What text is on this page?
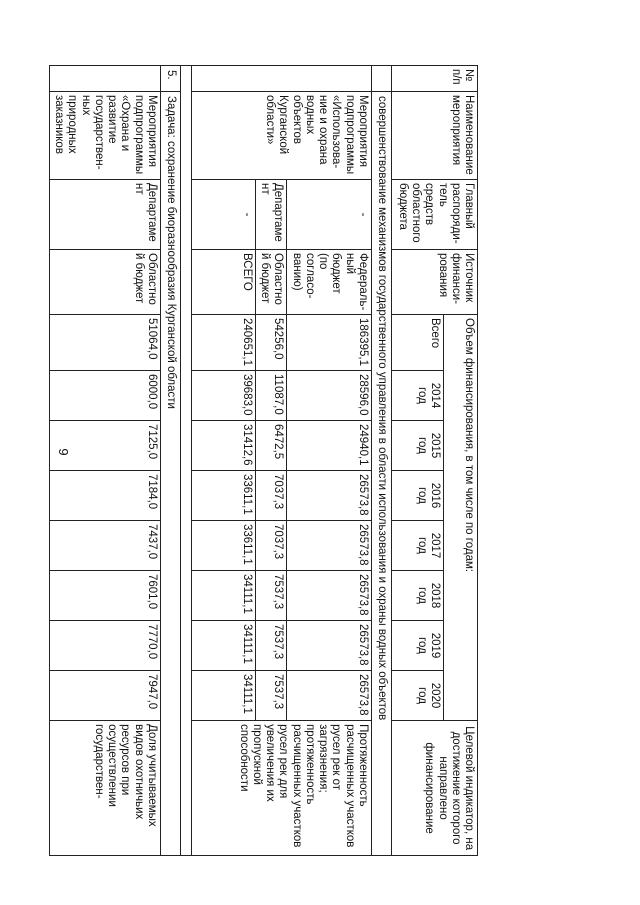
9
№ п/п	Наименование мероприятия	Главный распоряди-тель средств областного бюджета	Источник финанси-рования	Объем финансирования, в том числе по годам:								Целевой индикатор, на достижение которого направлено финансирование
				Всего	2014 год	2015 год	2016 год	2017 год	2018 год	2019 год	2020 год	
	совершенствование механизмов государственного управления в области использования и охраны водных объектов											
	Мероприятия подпрограммы «Использова-ние и охрана водных объектов Курганской области»	-	Федераль-ный бюджет (по согласо-ванию)	186395,1	28596,0	24940,1	26573,8	26573,8	26573,8	26573,8	26573,8	Протяженность расчищенных участков русел рек от загрязнения; протяженность расчищенных участков русел рек для увеличения их пропускной способности
		Департамент	Областной бюджет	54256,0	11087,0	6472,5	7037,3	7037,3	7537,3	7537,3	7537,3	
		-	ВСЕГО	240651,1	39683,0	31412,6	33611,1	33611,1	34111,1	34111,1	34111,1	

5.	Задача: сохранение биоразнообразия Курганской области											
	Мероприятия подпрограммы «Охрана и развитие государствен-ных природных заказников	Департамент	Областной бюджет	51064,0	6000,0	7125,0	7184,0	7437,0	7601,0	7770,0	7947,0	Доля учитываемых видов охотничьих ресурсов при осуществлении государствен-
